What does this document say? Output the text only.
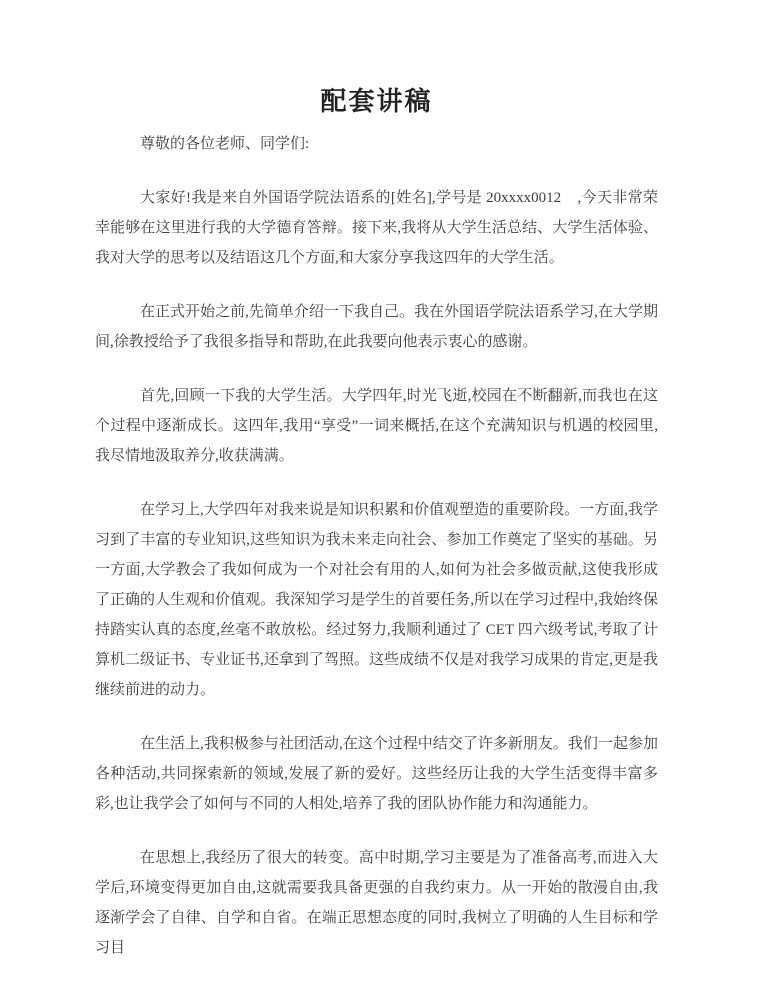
配套讲稿

尊敬的各位老师、同学们:

大家好!我是来自外国语学院法语系的[姓名],学号是 20xxxx0012    ,今天非常荣幸能够在这里进行我的大学德育答辩。接下来,我将从大学生活总结、大学生活体验、我对大学的思考以及结语这几个方面,和大家分享我这四年的大学生活。

在正式开始之前,先简单介绍一下我自己。我在外国语学院法语系学习,在大学期间,徐教授给予了我很多指导和帮助,在此我要向他表示衷心的感谢。

首先,回顾一下我的大学生活。大学四年,时光飞逝,校园在不断翻新,而我也在这个过程中逐渐成长。这四年,我用“享受”一词来概括,在这个充满知识与机遇的校园里,我尽情地汲取养分,收获满满。

在学习上,大学四年对我来说是知识积累和价值观塑造的重要阶段。一方面,我学习到了丰富的专业知识,这些知识为我未来走向社会、参加工作奠定了坚实的基础。另一方面,大学教会了我如何成为一个对社会有用的人,如何为社会多做贡献,这使我形成了正确的人生观和价值观。我深知学习是学生的首要任务,所以在学习过程中,我始终保持踏实认真的态度,丝毫不敢放松。经过努力,我顺利通过了 CET 四六级考试,考取了计算机二级证书、专业证书,还拿到了驾照。这些成绩不仅是对我学习成果的肯定,更是我继续前进的动力。

在生活上,我积极参与社团活动,在这个过程中结交了许多新朋友。我们一起参加各种活动,共同探索新的领域,发展了新的爱好。这些经历让我的大学生活变得丰富多彩,也让我学会了如何与不同的人相处,培养了我的团队协作能力和沟通能力。

在思想上,我经历了很大的转变。高中时期,学习主要是为了准备高考,而进入大学后,环境变得更加自由,这就需要我具备更强的自我约束力。从一开始的散漫自由,我逐渐学会了自律、自学和自省。在端正思想态度的同时,我树立了明确的人生目标和学习目
